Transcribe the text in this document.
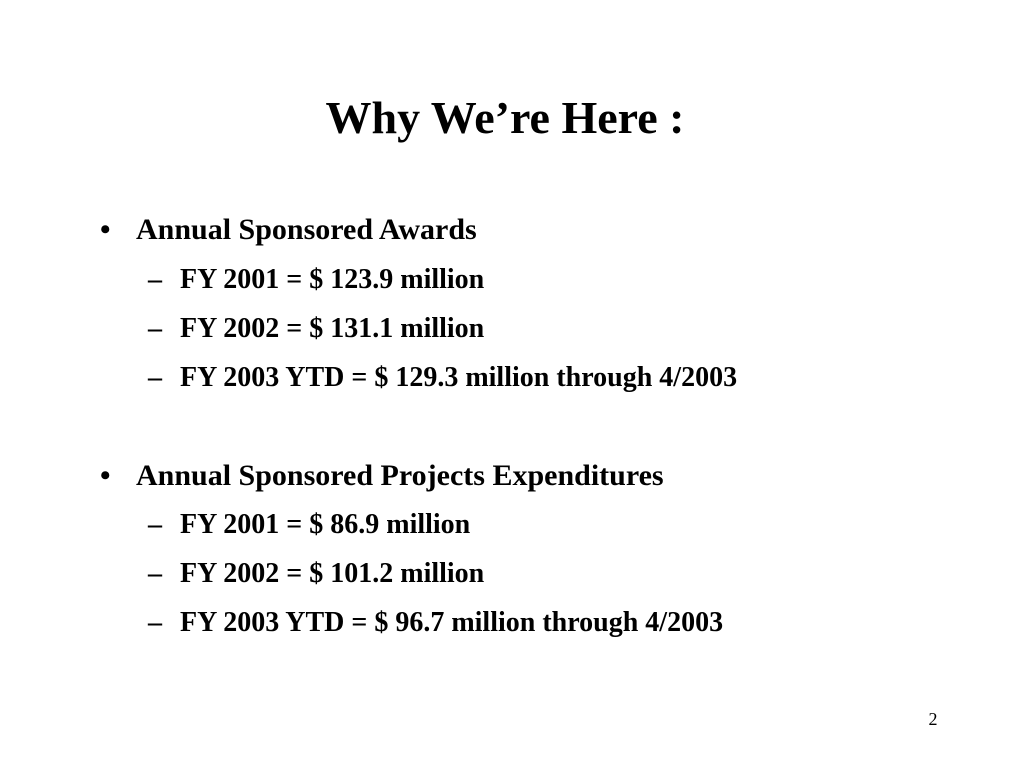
Why We’re Here :
• Annual Sponsored Awards
– FY 2001 = $ 123.9 million
– FY 2002 = $ 131.1 million
– FY 2003 YTD = $ 129.3 million through 4/2003
• Annual Sponsored Projects Expenditures
– FY 2001 = $ 86.9 million
– FY 2002 = $ 101.2 million
– FY 2003 YTD = $ 96.7 million through 4/2003
2
